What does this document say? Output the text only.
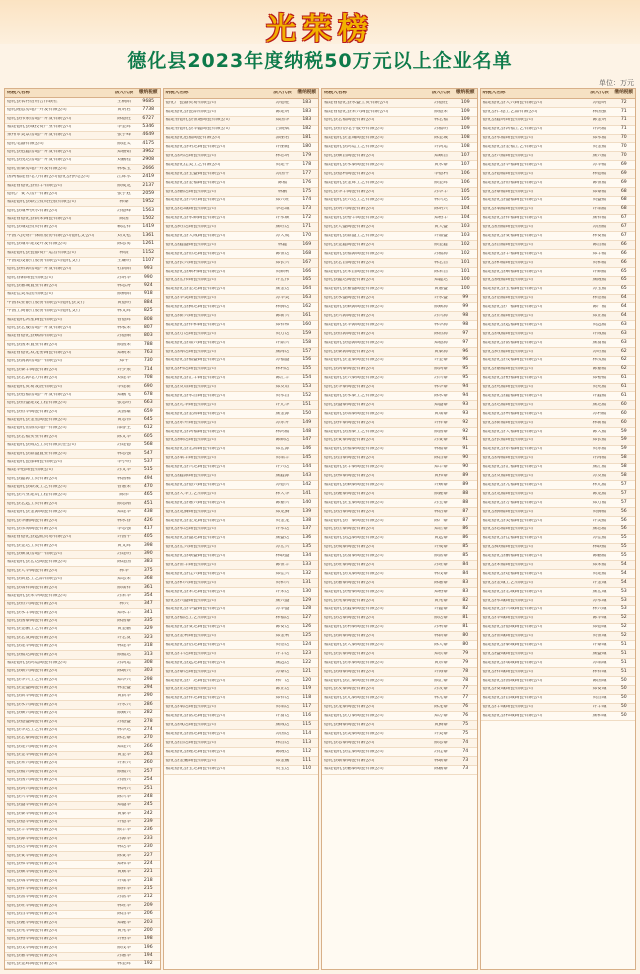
光荣榜
德化县2023年度纳税50万元以上企业名单
单位：万元
纳税人名称	法人代表	缴纳税额
德化县农村信用合作联社	王朝阳	9685
德化隆恩房地产开发有限公司	黄明君	7738
德化县伟泉房地产开发有限公司	陈德胜	6727
福建德化县城投资产业有限公司	李金辉	5346
泉州市美景房地产开发有限公司	张子峰	4649
德化电器有限公司	颜建义	4175
德化县冠鑫房地产开发有限公司	郑丽娟	3962
德化县悦达房地产开发有限公司	刘鹏程	2908
德化恒泰房地产开发有限公司	林家宝	2666
国网福建省电力有限公司德化县供电公司	江辉水	2419
福建省德化县恒丰有限公司	颜成龙	2137
德化厂安大房产有限公司	张子冠	2059
福建德化县联合投资控股有限公司	林泰	1952
德化县城乡供水有限公司	苏德峰	1563
福建省德化县新荣陶瓷有限公司	陈国	1502
德化县城建投资有限公司	赖廷祥	1419
中国人民财产保险股份有限公司德化支公司	刘文松	1361
德化县城市建设开发有限公司	陈志勇	1261
福建德化县瓷都资产运营有限公司	林晨	1152
中国建设银行股份有限公司德化支行	王耀明	1107
德化县财源房地产开发有限公司	杜新阳	993
德化春阳陶瓷有限公司	苏明华	990
德化县嘉城置业有限公司	林志涛	924
福建佳美集团有限公司	颜朝阳	918
中国农业银行股份有限公司德化县支行	黄德明	884
中国工商银行股份有限公司德化支行	林文辉	825
福建德化鸿星陶瓷有限公司	曾德辉	808
德化县宏晟房地产开发有限公司	林家荣	807
福建省德化县顺源有限公司	苏德顺	803
德化县国荣置业有限公司	颜国荣	788
福建省德化双龙窑陶瓷有限公司	郑朝荣	763
德化县润源房地产有限公司	郑平	730
德化县泰丰陶瓷有限公司	许少泉	714
德化县宏源电力有限公司	刘建华	708
福建德化贸易发展有限公司	李建新	690
德化县冠福房地产开发有限公司	郑鹏飞	678
德化县恒盛建设工程有限公司	张志明	663
德化县恒华陶瓷有限公司	吴国雄	659
福建德化县金星陶瓷有限公司	黄志伟	645
福建德化恒源房地产有限公司	邵春生	612
德化县宏福实业有限公司	陈文华	605
福建德化县成达工贸有限责任公司	苏建德	568
福建德化县鼎盛置业有限公司	林志强	547
福建德化瓷都陶瓷有限公司	李小明	537
福建华冠陶瓷有限公司	苏文华	515
德化县鑫源工贸有限公司	林国栋	494
福建德化县联发工艺有限公司	曾嘉荣	470
德化县兴业建筑工程有限公司	陈伟	465
德化县宏远工贸有限公司	颜志刚	451
福建德化县金源陶瓷有限公司	郑建华	438
德化县华鹏陶瓷有限公司	林永春	426
德化县东海陶瓷有限公司	李志强	417
福建省德化县远航贸易有限公司	许国平	405
德化县金达工贸有限公司	黄文辉	398
德化县顺发房地产有限公司	苏建明	390
福建德化县宏达陶瓷有限公司	陈建国	383
德化县天华陶瓷有限公司	林华	375
德化县新意工艺品有限公司	郑志荣	368
德化县瑞祥陶瓷有限公司	颜瑞祥	361
福建德化县荣华陶瓷有限公司	苏荣华	354
德化县恒兴陶瓷有限公司	林兴	347
德化县永丰陶瓷有限公司	郑永丰	341
德化县国泰陶瓷有限公司	陈国泰	335
德化县金鹏工艺有限公司	黄金鹏	329
德化县宏发陶瓷有限公司	许宏发	323
德化县建华陶瓷有限公司	林建华	318
德化县福达陶瓷有限公司	颜福达	313
福建德化县鸿运陶瓷有限公司	苏鸿运	308
德化县联兴陶瓷有限公司	陈联兴	303
德化县华兴工艺有限公司	郑华兴	298
德化县金盛陶瓷有限公司	林金盛	294
德化县新华陶瓷有限公司	黄新华	290
德化县永兴陶瓷有限公司	许永兴	286
德化县顺兴陶瓷有限公司	颜顺兴	282
德化县德盛陶瓷有限公司	苏德盛	278
德化县华达工艺有限公司	林华达	274
德化县宏泰陶瓷有限公司	陈宏泰	270
德化县建兴陶瓷有限公司	郑建兴	266
德化县金华陶瓷有限公司	黄金华	263
德化县荣兴陶瓷有限公司	许荣兴	260
德化县福兴陶瓷有限公司	颜福兴	257
德化县国兴陶瓷有限公司	苏国兴	254
德化县鸿兴陶瓷有限公司	林鸿兴	251
德化县兴华陶瓷有限公司	陈兴华	248
德化县盛华陶瓷有限公司	郑盛华	245
德化县泰华陶瓷有限公司	黄泰华	242
德化县德华陶瓷有限公司	许德华	239
德化县丰华陶瓷有限公司	颜丰华	236
德化县源华陶瓷有限公司	苏源华	233
德化县达华陶瓷有限公司	林达华	230
德化县安华陶瓷有限公司	陈安华	227
德化县和华陶瓷有限公司	郑和华	224
德化县顺华陶瓷有限公司	黄顺华	221
德化县瑞华陶瓷有限公司	许瑞华	218
德化县祥华陶瓷有限公司	颜祥华	215
德化县富华陶瓷有限公司	苏富华	212
德化县旺华陶瓷有限公司	林旺华	209
德化县昌华陶瓷有限公司	陈昌华	206
德化县隆华陶瓷有限公司	郑隆华	203
德化县兆华陶瓷有限公司	黄兆华	200
德化县裕华陶瓷有限公司	许裕华	198
德化县茂华陶瓷有限公司	颜茂华	196
德化县嘉华陶瓷有限公司	苏嘉华	194
德化县金辉陶瓷有限公司	林金辉	192
纳税人名称	法人代表	缴纳税额
德化厂瓷器贸易有限公司	苏德胜	183
福建德化县瓷品有限公司	陈建明	183
福建省德化县恒通陶瓷有限公司	郑国华	183
福建省德化县华鑫陶瓷有限公司	吕晓斌	182
福建德化冠福陶瓷有限公司	郭丽君	181
福建德化县明达陶瓷有限公司	许丽霞	180
德化县鸿达陶瓷有限公司	林志明	179
福建德化佳美工艺有限公司	黄建平	178
福建德化县宝盛陶瓷有限公司	苏国平	177
福建德化县金福陶瓷有限公司	陈福	176
德化县鹏达陶瓷有限公司	林鹏	175
福建德化县兴旺陶瓷有限公司	郑兴旺	174
德化县志诚陶瓷有限公司	李志诚	173
福建德化县永顺陶瓷有限公司	许永顺	172
德化县旺达陶瓷有限公司	颜旺达	171
福建德化县天成陶瓷有限公司	苏天成	170
德化县鑫盛陶瓷有限公司	林鑫	169
福建德化县恒达陶瓷有限公司	陈恒达	168
德化县长兴陶瓷有限公司	郑长兴	167
福建德化县顺利陶瓷有限公司	黄顺利	166
德化县宏伟陶瓷有限公司	许宏伟	165
福建德化县金达陶瓷有限公司	颜金达	164
德化县华美陶瓷有限公司	苏华美	163
福建德化县腾达陶瓷有限公司	林腾达	162
德化县新兴陶瓷有限公司	陈新兴	161
福建德化县祥和陶瓷有限公司	郑祥和	160
德化县万达陶瓷有限公司	黄万达	159
福建德化县鼎兴陶瓷有限公司	许鼎兴	158
德化县海达陶瓷有限公司	颜海达	157
福建德化县福盛陶瓷有限公司	苏福盛	156
德化县利达陶瓷有限公司	林利达	155
福建德化县汇丰陶瓷有限公司	陈汇丰	154
德化县友谊陶瓷有限公司	郑友谊	153
福建德化县永昌陶瓷有限公司	黄永昌	152
德化县光华陶瓷有限公司	许光华	151
福建德化县金源陶瓷有限公司	颜金源	150
德化县东升陶瓷有限公司	苏东升	149
福建德化县鸿福陶瓷有限公司	林鸿福	148
德化县顺达陶瓷有限公司	陈顺达	147
福建德化县宏源陶瓷有限公司	郑宏源	146
德化县瑞丰陶瓷有限公司	黄瑞丰	145
福建德化县兴达陶瓷有限公司	许兴达	144
德化县鑫源陶瓷有限公司	颜鑫源	143
福建德化县德兴陶瓷有限公司	苏德兴	142
德化县天华工艺有限公司	林天华	141
福建德化县嘉兴陶瓷有限公司	陈嘉兴	140
德化县龙腾陶瓷有限公司	郑龙腾	139
福建德化县金龙陶瓷有限公司	黄金龙	138
德化县永达陶瓷有限公司	许永达	137
福建德化县盛达陶瓷有限公司	颜盛达	136
德化县宏兴陶瓷有限公司	苏宏兴	135
福建德化县联盛陶瓷有限公司	林联盛	134
德化县恒丰陶瓷有限公司	陈恒丰	133
福建德化县佳兴陶瓷有限公司	郑佳兴	132
德化县和兴陶瓷有限公司	黄和兴	131
福建德化县荣达陶瓷有限公司	许荣达	130
德化县兴盛陶瓷有限公司	颜兴盛	129
福建德化县华盛陶瓷有限公司	苏华盛	128
德化县福达工艺有限公司	林福达	127
福建德化县安达陶瓷有限公司	陈安达	126
德化县金利陶瓷有限公司	郑金利	125
福建德化县信达陶瓷有限公司	黄信达	124
德化县丰达陶瓷有限公司	许丰达	123
福建德化县远达陶瓷有限公司	颜远达	122
德化县泰达陶瓷有限公司	苏泰达	121
福建德化县广达陶瓷有限公司	林广达	120
德化县正达陶瓷有限公司	陈正达	119
福建德化县祥达陶瓷有限公司	郑祥达	118
德化县瑞达陶瓷有限公司	黄瑞达	117
福建德化县富达陶瓷有限公司	许富达	116
德化县成达陶瓷有限公司	颜成达	115
福建德化县国达陶瓷有限公司	苏国达	114
德化县昌达陶瓷有限公司	林昌达	113
福建德化县隆达陶瓷有限公司	陈隆达	112
德化县金鹏陶瓷有限公司	郑金鹏	111
福建德化县宝达陶瓷有限公司	黄宝达	110
纳税人名称	法人代表	缴纳税额
福建省德化县永盛工贸有限公司	苏德胜	109
福建省德化县荣兴陶瓷有限公司	颜德荣	109
德化县宏福陶瓷有限公司	林宏福	109
德化县恒信电子服务有限公司	苏福明	109
福建德化县金城陶瓷有限公司	陈金城	108
福建德化县鸿运工艺有限公司	许鸿运	108
德化县顺昌陶瓷有限公司	郑顺昌	107
福建德化县永泰陶瓷有限公司	黄永泰	107
德化县德利陶瓷有限公司	李德利	106
福建德化县金辉工艺有限公司	颜金辉	106
德化县华丰陶瓷有限公司	苏华丰	105
福建德化县兴达工艺有限公司	林兴达	105
德化县明兴陶瓷有限公司	陈明兴	104
福建德化县裕丰陶瓷有限公司	郑裕丰	104
德化县天盛陶瓷有限公司	黄天盛	103
福建德化县鼎盛工艺有限公司	许鼎盛	103
德化县金鑫陶瓷有限公司	颜金鑫	102
福建德化县福源陶瓷有限公司	苏福源	102
德化县宏昌陶瓷有限公司	林宏昌	101
福建德化县荣昌陶瓷有限公司	陈荣昌	101
德化县鑫达陶瓷有限公司	郑鑫达	100
福建德化县嘉盛陶瓷有限公司	黄嘉盛	100
德化县永盛陶瓷有限公司	许永盛	99
福建德化县顺源陶瓷有限公司	颜顺源	99
德化县兴源陶瓷有限公司	苏兴源	98
福建德化县华源陶瓷有限公司	林华源	98
德化县恒源陶瓷有限公司	陈恒源	97
福建德化县德源陶瓷有限公司	郑德源	97
德化县泰源陶瓷有限公司	黄泰源	96
福建德化县金泰陶瓷有限公司	许金泰	96
德化县鸿泰陶瓷有限公司	颜鸿泰	95
福建德化县兴泰陶瓷有限公司	苏兴泰	95
德化县华泰陶瓷有限公司	林华泰	94
福建德化县永泰工艺有限公司	陈永泰	94
德化县盛泰陶瓷有限公司	郑盛泰	93
福建德化县瑞泰陶瓷有限公司	黄瑞泰	93
德化县祥泰陶瓷有限公司	许祥泰	92
福建德化县国泰工艺有限公司	颜国泰	92
德化县安泰陶瓷有限公司	苏安泰	91
福建德化县福泰陶瓷有限公司	林福泰	91
德化县昌泰陶瓷有限公司	陈昌泰	90
福建德化县丰泰陶瓷有限公司	郑丰泰	90
德化县和泰陶瓷有限公司	黄和泰	89
福建德化县顺泰陶瓷有限公司	许顺泰	89
德化县隆泰陶瓷有限公司	颜隆泰	88
福建德化县宝泰陶瓷有限公司	苏宝泰	88
德化县信泰陶瓷有限公司	林信泰	87
福建德化县广泰陶瓷有限公司	陈广泰	87
德化县正泰陶瓷有限公司	郑正泰	86
福建德化县远泰陶瓷有限公司	黄远泰	86
德化县成泰陶瓷有限公司	许成泰	85
福建德化县富泰陶瓷有限公司	颜富泰	85
德化县旺泰陶瓷有限公司	苏旺泰	84
福建德化县茂泰陶瓷有限公司	林茂泰	84
德化县嘉泰陶瓷有限公司	陈嘉泰	83
福建德化县裕泰陶瓷有限公司	郑裕泰	83
德化县兆泰陶瓷有限公司	黄兆泰	82
福建德化县鑫泰陶瓷有限公司	许鑫泰	82
德化县达泰陶瓷有限公司	颜达泰	81
福建德化县利泰陶瓷有限公司	苏利泰	81
德化县新泰陶瓷有限公司	林新泰	80
福建德化县天泰陶瓷有限公司	陈天泰	80
德化县长泰陶瓷有限公司	郑长泰	79
福建德化县东泰陶瓷有限公司	黄东泰	79
德化县海泰陶瓷有限公司	许海泰	78
福建德化县汇泰陶瓷有限公司	颜汇泰	78
德化县友泰陶瓷有限公司	苏友泰	77
福建德化县光泰陶瓷有限公司	林光泰	77
德化县龙泰陶瓷有限公司	陈龙泰	76
福建德化县万泰陶瓷有限公司	郑万泰	76
德化县腾泰陶瓷有限公司	黄腾泰	75
福建德化县美泰陶瓷有限公司	许美泰	75
德化县志泰陶瓷有限公司	颜志泰	74
福建德化县佳泰陶瓷有限公司	苏佳泰	74
德化县联泰陶瓷有限公司	林联泰	73
福建德化县鹏泰陶瓷有限公司	陈鹏泰	73
纳税人名称	法人代表	缴纳税额
福建德化县大兴陶瓷有限公司	苏德明	72
德化县仁德工艺品有限公司	林国强	71
德化县鑫明陶瓷有限公司	陈金明	71
福建德化县鸿福工艺有限公司	许鸿福	71
德化县永福陶瓷有限公司	郑永福	70
福建德化县金福工艺有限公司	黄金福	70
德化县兴福陶瓷有限公司	颜兴福	70
福建德化县华福陶瓷有限公司	苏华福	69
德化县德福陶瓷有限公司	林德福	69
福建德化县恒福陶瓷有限公司	陈恒福	69
德化县泰福陶瓷有限公司	郑泰福	68
福建德化县盛福陶瓷有限公司	黄盛福	68
德化县瑞福陶瓷有限公司	许瑞福	68
福建德化县祥福陶瓷有限公司	颜祥福	67
德化县国福陶瓷有限公司	苏国福	67
福建德化县安福陶瓷有限公司	林安福	67
德化县昌福陶瓷有限公司	陈昌福	66
福建德化县丰福陶瓷有限公司	郑丰福	66
德化县和福陶瓷有限公司	黄和福	66
福建德化县顺福陶瓷有限公司	许顺福	65
德化县隆福陶瓷有限公司	颜隆福	65
福建德化县宝福陶瓷有限公司	苏宝福	65
德化县信福陶瓷有限公司	林信福	64
福建德化县广福陶瓷有限公司	陈广福	64
德化县正福陶瓷有限公司	郑正福	64
福建德化县远福陶瓷有限公司	黄远福	63
德化县成福陶瓷有限公司	许成福	63
福建德化县富福陶瓷有限公司	颜富福	63
德化县旺福陶瓷有限公司	苏旺福	62
福建德化县茂福陶瓷有限公司	林茂福	62
德化县嘉福陶瓷有限公司	陈嘉福	62
福建德化县裕福陶瓷有限公司	郑裕福	61
德化县兆福陶瓷有限公司	黄兆福	61
福建德化县鑫福陶瓷有限公司	许鑫福	61
德化县达福陶瓷有限公司	颜达福	60
福建德化县利福陶瓷有限公司	苏利福	60
德化县新福陶瓷有限公司	林新福	60
福建德化县天福陶瓷有限公司	陈天福	59
德化县长福陶瓷有限公司	郑长福	59
福建德化县东福陶瓷有限公司	黄东福	59
德化县海福陶瓷有限公司	许海福	58
福建德化县汇福陶瓷有限公司	颜汇福	58
德化县友福陶瓷有限公司	苏友福	58
福建德化县光福陶瓷有限公司	林光福	57
德化县龙福陶瓷有限公司	陈龙福	57
福建德化县万福陶瓷有限公司	郑万福	57
德化县腾福陶瓷有限公司	黄腾福	56
福建德化县美福陶瓷有限公司	许美福	56
德化县志福陶瓷有限公司	颜志福	56
福建德化县佳福陶瓷有限公司	苏佳福	55
德化县联福陶瓷有限公司	林联福	55
福建德化县鹏福陶瓷有限公司	陈鹏福	55
德化县荣福陶瓷有限公司	郑荣福	54
福建德化县建福陶瓷有限公司	黄建福	54
德化县金城工艺有限公司	许金城	54
福建德化县宏城陶瓷有限公司	颜宏城	53
德化县永城陶瓷有限公司	苏永城	53
福建德化县兴城陶瓷有限公司	林兴城	53
德化县华城陶瓷有限公司	陈华城	52
福建德化县德城陶瓷有限公司	郑德城	52
德化县恒城陶瓷有限公司	黄恒城	52
福建德化县泰城陶瓷有限公司	许泰城	51
德化县盛城陶瓷有限公司	颜盛城	51
福建德化县瑞城陶瓷有限公司	苏瑞城	51
德化县祥城陶瓷有限公司	林祥城	51
福建德化县国城陶瓷有限公司	陈国城	50
德化县安城陶瓷有限公司	郑安城	50
福建德化县昌城陶瓷有限公司	黄昌城	50
德化县丰城陶瓷有限公司	许丰城	50
福建德化县和城陶瓷有限公司	颜和城	50
